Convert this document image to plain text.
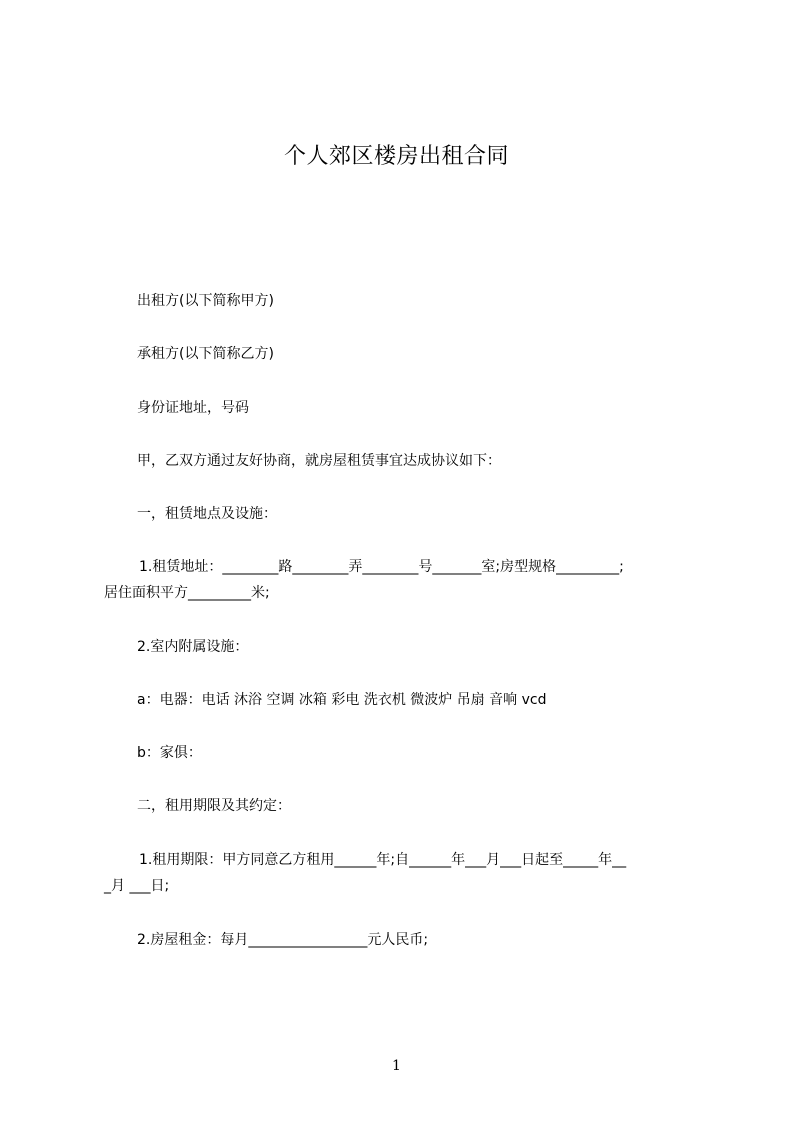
个人郊区楼房出租合同
出租方(以下简称甲方)
承租方(以下简称乙方)
身份证地址，号码
甲，乙双方通过友好协商，就房屋租赁事宜达成协议如下：
一，租赁地点及设施：
1.租赁地址：________路________弄________号_______室;房型规格_________;
居住面积平方_________米;
2.室内附属设施：
a：电器：电话 沐浴 空调 冰箱 彩电 洗衣机 微波炉 吊扇 音响 vcd
b：家俱：
二，租用期限及其约定：
1.租用期限：甲方同意乙方租用______年;自______年___月___日起至_____年__
_月 ___日;
2.房屋租金：每月_________________元人民币;
1
